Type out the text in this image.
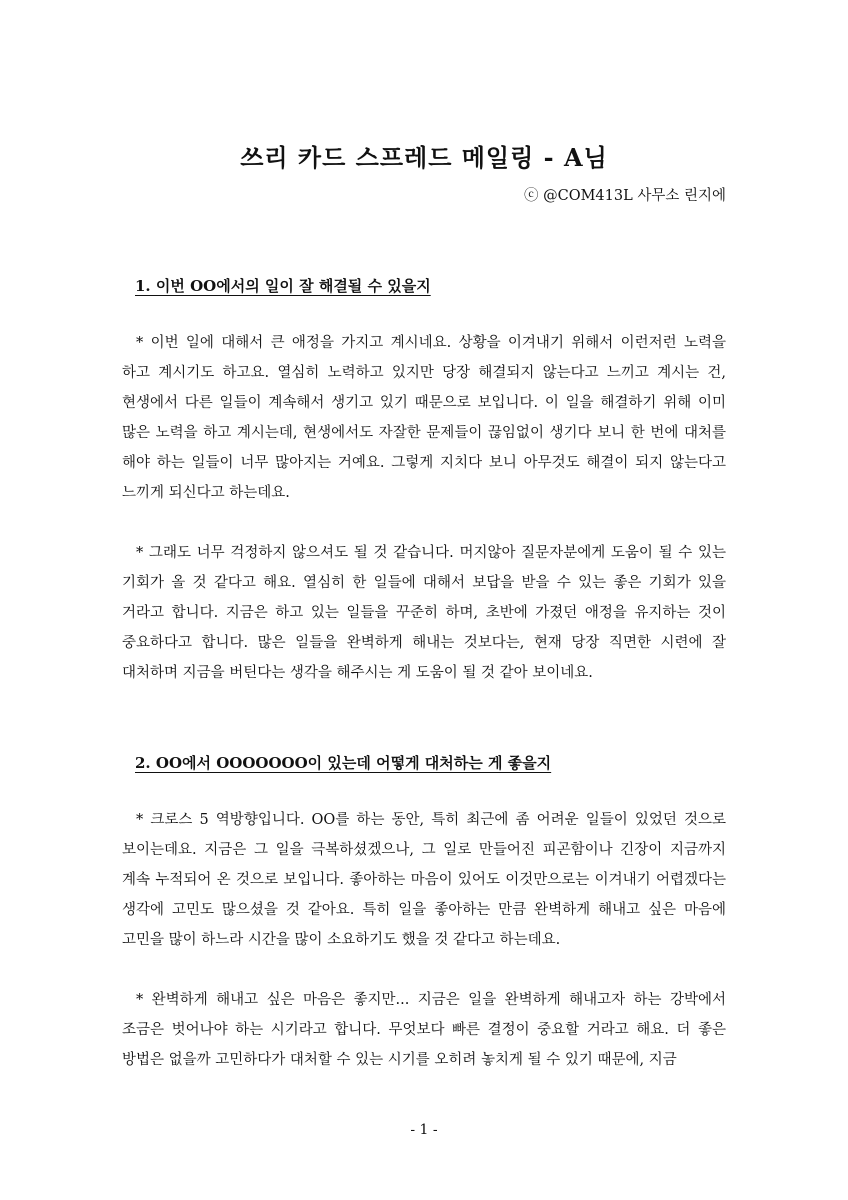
쓰리 카드 스프레드 메일링 - A님
ⓒ @COM413L 사무소 린지에
1. 이번 OO에서의 일이 잘 해결될 수 있을지
* 이번 일에 대해서 큰 애정을 가지고 계시네요. 상황을 이겨내기 위해서 이런저런 노력을 하고 계시기도 하고요. 열심히 노력하고 있지만 당장 해결되지 않는다고 느끼고 계시는 건, 현생에서 다른 일들이 계속해서 생기고 있기 때문으로 보입니다. 이 일을 해결하기 위해 이미 많은 노력을 하고 계시는데, 현생에서도 자잘한 문제들이 끊임없이 생기다 보니 한 번에 대처를 해야 하는 일들이 너무 많아지는 거예요. 그렇게 지치다 보니 아무것도 해결이 되지 않는다고 느끼게 되신다고 하는데요.
* 그래도 너무 걱정하지 않으셔도 될 것 같습니다. 머지않아 질문자분에게 도움이 될 수 있는 기회가 올 것 같다고 해요. 열심히 한 일들에 대해서 보답을 받을 수 있는 좋은 기회가 있을 거라고 합니다. 지금은 하고 있는 일들을 꾸준히 하며, 초반에 가졌던 애정을 유지하는 것이 중요하다고 합니다. 많은 일들을 완벽하게 해내는 것보다는, 현재 당장 직면한 시련에 잘 대처하며 지금을 버틴다는 생각을 해주시는 게 도움이 될 것 같아 보이네요.
2. OO에서 OOOOOOO이 있는데 어떻게 대처하는 게 좋을지
* 크로스 5 역방향입니다. OO를 하는 동안, 특히 최근에 좀 어려운 일들이 있었던 것으로 보이는데요. 지금은 그 일을 극복하셨겠으나, 그 일로 만들어진 피곤함이나 긴장이 지금까지 계속 누적되어 온 것으로 보입니다. 좋아하는 마음이 있어도 이것만으로는 이겨내기 어렵겠다는 생각에 고민도 많으셨을 것 같아요. 특히 일을 좋아하는 만큼 완벽하게 해내고 싶은 마음에 고민을 많이 하느라 시간을 많이 소요하기도 했을 것 같다고 하는데요.
* 완벽하게 해내고 싶은 마음은 좋지만... 지금은 일을 완벽하게 해내고자 하는 강박에서 조금은 벗어나야 하는 시기라고 합니다. 무엇보다 빠른 결정이 중요할 거라고 해요. 더 좋은 방법은 없을까 고민하다가 대처할 수 있는 시기를 오히려 놓치게 될 수 있기 때문에, 지금
- 1 -
